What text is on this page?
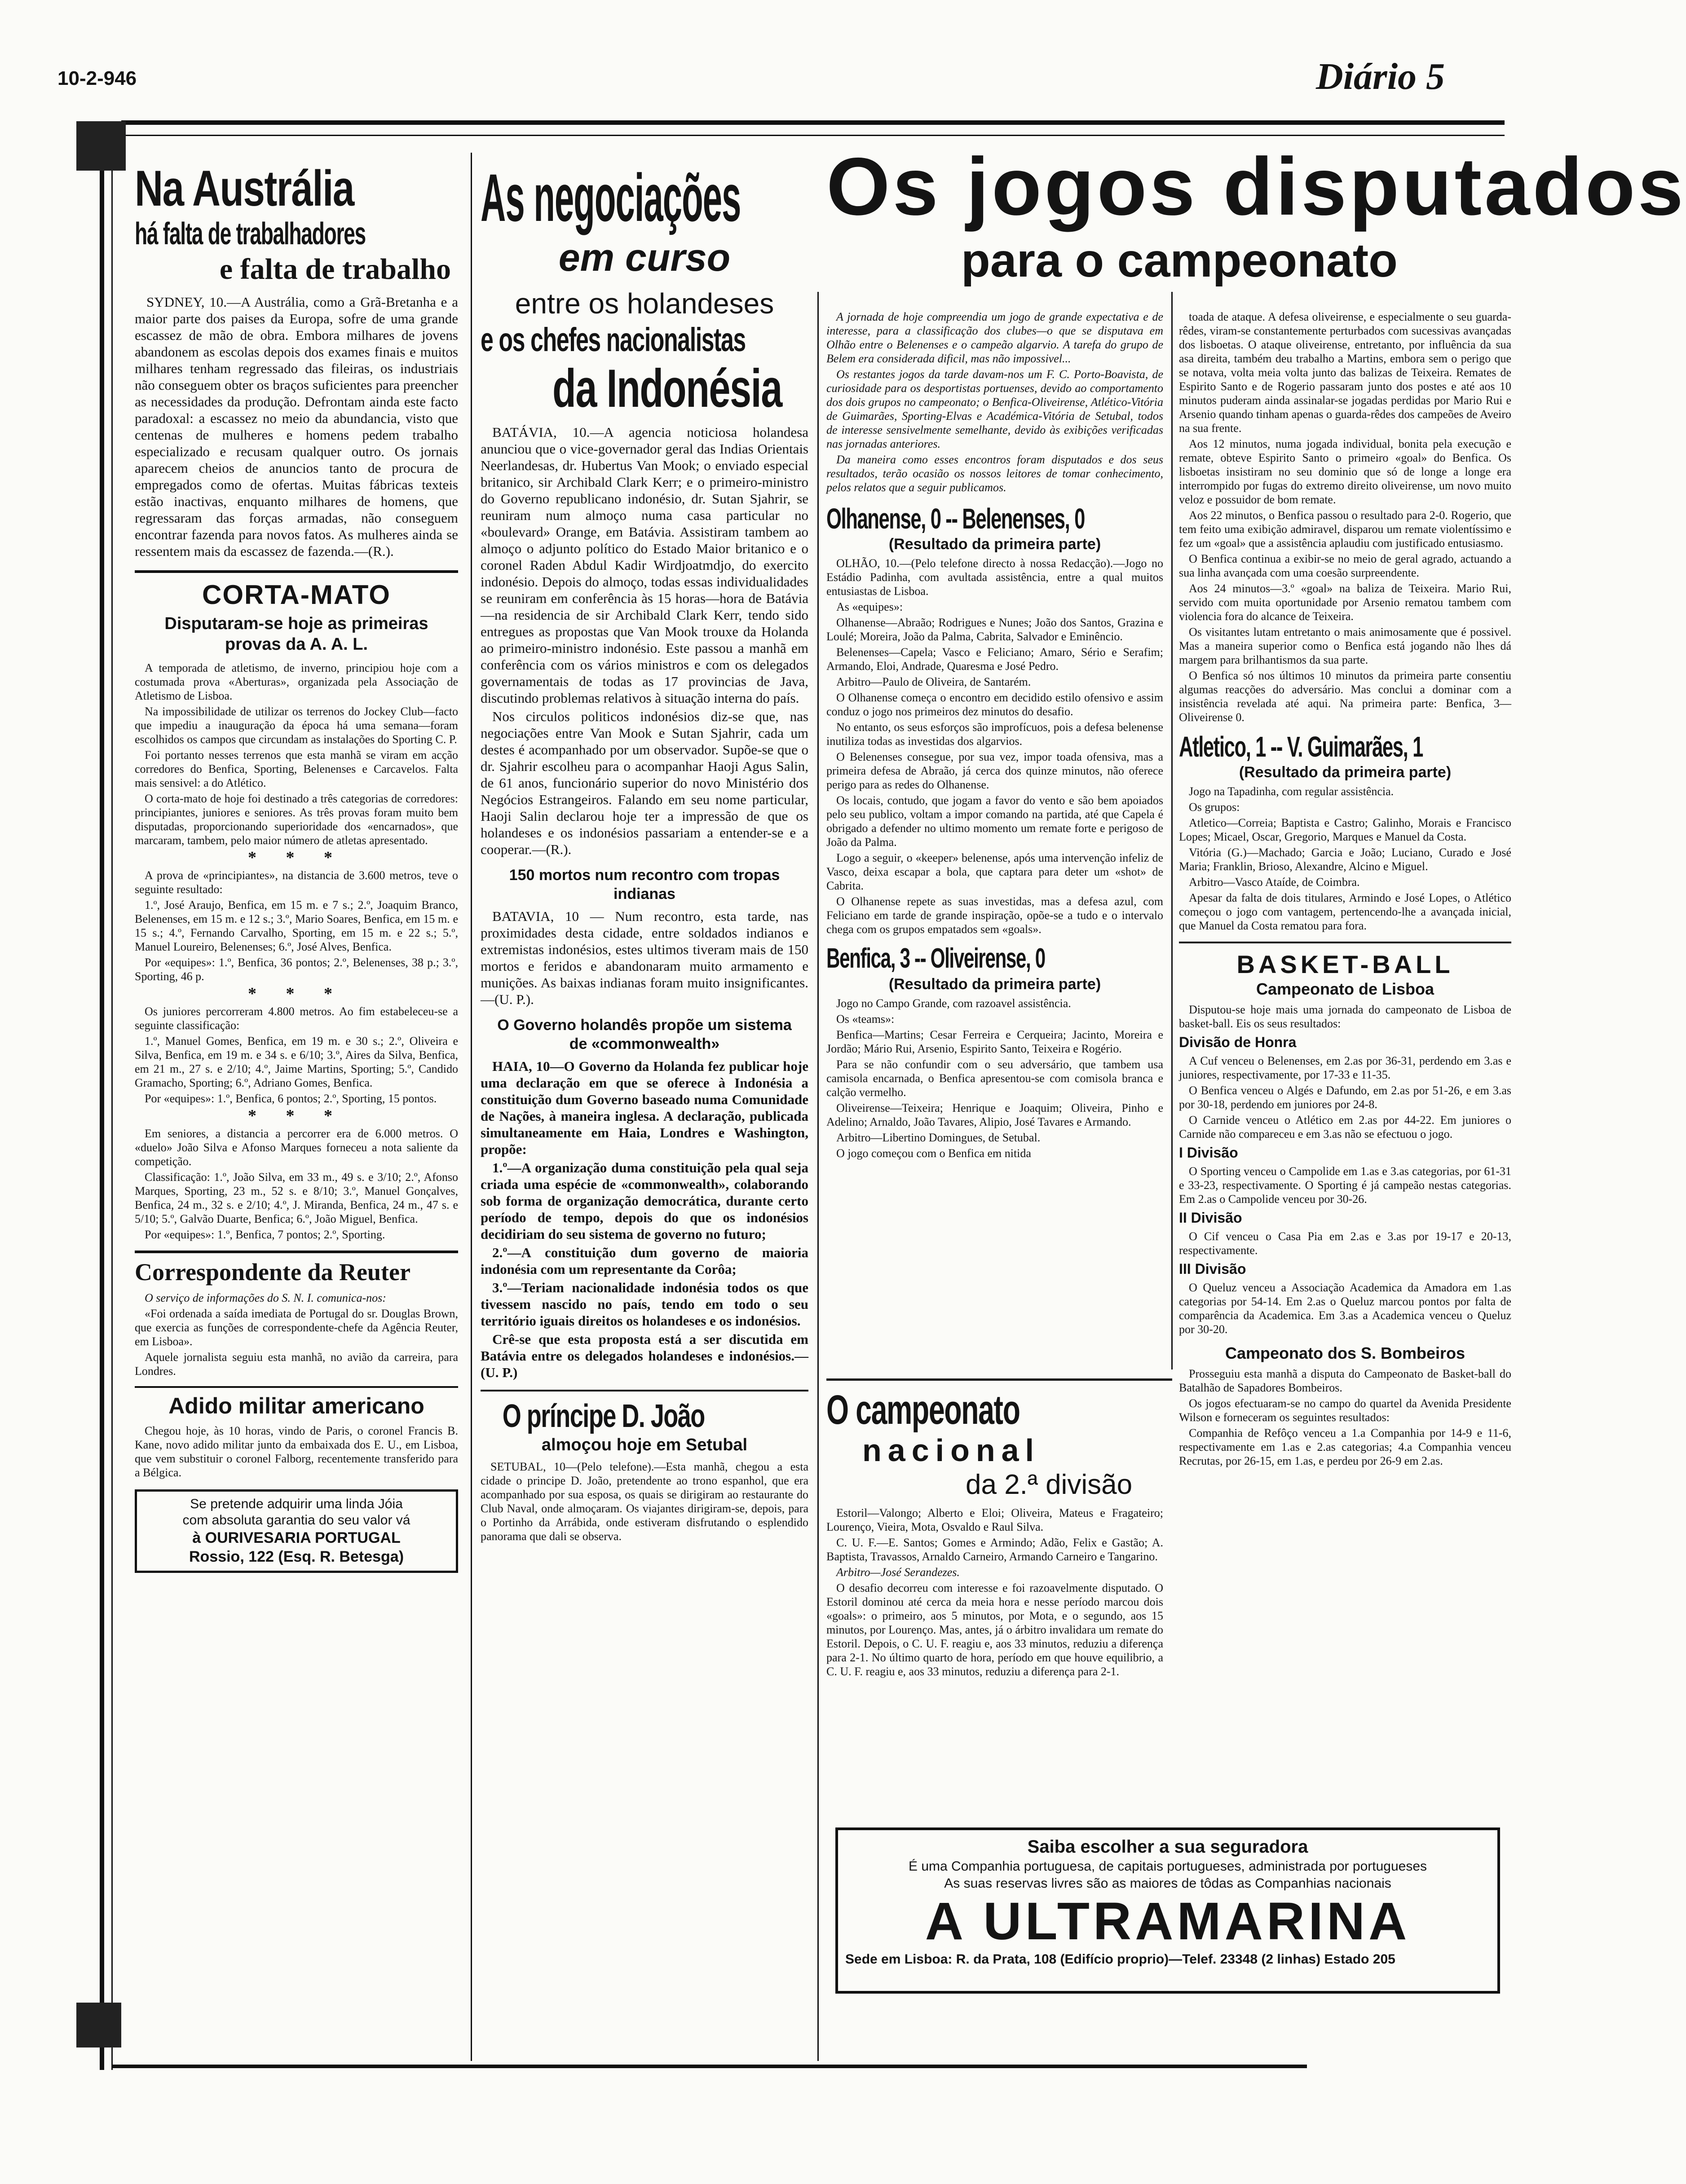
10-2-946	Diário 5
Na Austrália
há falta de trabalhadores
e falta de trabalho

SYDNEY, 10.—A Austrália, como a Grã-Bretanha e a maior parte dos paises da Europa, sofre de uma grande escassez de mão de obra. Embora milhares de jovens abandonem as escolas depois dos exames finais e muitos milhares tenham regressado das fileiras, os industriais não conseguem obter os braços suficientes para preencher as necessidades da produção. Defrontam ainda este facto paradoxal: a escassez no meio da abundancia, visto que centenas de mulheres e homens pedem trabalho especializado e recusam qualquer outro. Os jornais aparecem cheios de anuncios tanto de procura de empregados como de ofertas. Muitas fábricas texteis estão inactivas, enquanto milhares de homens, que regressaram das forças armadas, não conseguem encontrar fazenda para novos fatos. As mulheres ainda se ressentem mais da escassez de fazenda.—(R.).

CORTA-MATO
Disputaram-se hoje as primeiras provas da A. A. L.

A temporada de atletismo, de inverno, principiou hoje com a costumada prova «Aberturas», organizada pela Associação de Atletismo de Lisboa.

Na impossibilidade de utilizar os terrenos do Jockey Club—facto que impediu a inauguração da época há uma semana—foram escolhidos os campos que circundam as instalações do Sporting C. P.

Foi portanto nesses terrenos que esta manhã se viram em acção corredores do Benfica, Sporting, Belenenses e Carcavelos. Falta mais sensivel: a do Atlético.

O corta-mato de hoje foi destinado a três categorias de corredores: principiantes, juniores e seniores. As três provas foram muito bem disputadas, proporcionando superioridade dos «encarnados», que marcaram, tambem, pelo maior número de atletas apresentado.

* * *

A prova de «principiantes», na distancia de 3.600 metros, teve o seguinte resultado:

1.º, José Araujo, Benfica, em 15 m. e 7 s.; 2.º, Joaquim Branco, Belenenses, em 15 m. e 12 s.; 3.º, Mario Soares, Benfica, em 15 m. e 15 s.; 4.º, Fernando Carvalho, Sporting, em 15 m. e 22 s.; 5.º, Manuel Loureiro, Belenenses; 6.º, José Alves, Benfica.

Por «equipes»: 1.º, Benfica, 36 pontos; 2.º, Belenenses, 38 p.; 3.º, Sporting, 46 p.

* * *

Os juniores percorreram 4.800 metros. Ao fim estabeleceu-se a seguinte classificação:

1.º, Manuel Gomes, Benfica, em 19 m. e 30 s.; 2.º, Oliveira e Silva, Benfica, em 19 m. e 34 s. e 6/10; 3.º, Aires da Silva, Benfica, em 21 m., 27 s. e 2/10; 4.º, Jaime Martins, Sporting; 5.º, Candido Gramacho, Sporting; 6.º, Adriano Gomes, Benfica.

Por «equipes»: 1.º, Benfica, 6 pontos; 2.º, Sporting, 15 pontos.

* * *

Em seniores, a distancia a percorrer era de 6.000 metros. O «duelo» João Silva e Afonso Marques forneceu a nota saliente da competição.

Classificação: 1.º, João Silva, em 33 m., 49 s. e 3/10; 2.º, Afonso Marques, Sporting, 23 m., 52 s. e 8/10; 3.º, Manuel Gonçalves, Benfica, 24 m., 32 s. e 2/10; 4.º, J. Miranda, Benfica, 24 m., 47 s. e 5/10; 5.º, Galvão Duarte, Benfica; 6.º, João Miguel, Benfica.

Por «equipes»: 1.º, Benfica, 7 pontos; 2.º, Sporting.

Correspondente da Reuter

O serviço de informações do S. N. I. comunica-nos:

«Foi ordenada a saída imediata de Portugal do sr. Douglas Brown, que exercia as funções de correspondente-chefe da Agência Reuter, em Lisboa».

Aquele jornalista seguiu esta manhã, no avião da carreira, para Londres.

Adido militar americano

Chegou hoje, às 10 horas, vindo de Paris, o coronel Francis B. Kane, novo adido militar junto da embaixada dos E. U., em Lisboa, que vem substituir o coronel Falborg, recentemente transferido para a Bélgica.

Se pretende adquirir uma linda Jóia
com absoluta garantia do seu valor vá
à OURIVESARIA PORTUGAL
Rossio, 122 (Esq. R. Betesga)
As negociações
em curso
entre os holandeses
e os chefes nacionalistas
da Indonésia

BATÁVIA, 10.—A agencia noticiosa holandesa anunciou que o vice-governador geral das Indias Orientais Neerlandesas, dr. Hubertus Van Mook; o enviado especial britanico, sir Archibald Clark Kerr; e o primeiro-ministro do Governo republicano indonésio, dr. Sutan Sjahrir, se reuniram num almoço numa casa particular no «boulevard» Orange, em Batávia. Assistiram tambem ao almoço o adjunto político do Estado Maior britanico e o coronel Raden Abdul Kadir Wirdjoatmdjo, do exercito indonésio. Depois do almoço, todas essas individualidades se reuniram em conferência às 15 horas—hora de Batávia—na residencia de sir Archibald Clark Kerr, tendo sido entregues as propostas que Van Mook trouxe da Holanda ao primeiro-ministro indonésio. Este passou a manhã em conferência com os vários ministros e com os delegados governamentais de todas as 17 provincias de Java, discutindo problemas relativos à situação interna do país.

Nos circulos politicos indonésios diz-se que, nas negociações entre Van Mook e Sutan Sjahrir, cada um destes é acompanhado por um observador. Supõe-se que o dr. Sjahrir escolheu para o acompanhar Haoji Agus Salin, de 61 anos, funcionário superior do novo Ministério dos Negócios Estrangeiros. Falando em seu nome particular, Haoji Salin declarou hoje ter a impressão de que os holandeses e os indonésios passariam a entender-se e a cooperar.—(R.).

150 mortos num recontro com tropas indianas

BATAVIA, 10 — Num recontro, esta tarde, nas proximidades desta cidade, entre soldados indianos e extremistas indonésios, estes ultimos tiveram mais de 150 mortos e feridos e abandonaram muito armamento e munições. As baixas indianas foram muito insignificantes.—(U. P.).

O Governo holandês propõe um sistema de «commonwealth»

HAIA, 10—O Governo da Holanda fez publicar hoje uma declaração em que se oferece à Indonésia a constituição dum Governo baseado numa Comunidade de Nações, à maneira inglesa. A declaração, publicada simultaneamente em Haia, Londres e Washington, propõe:

1.º—A organização duma constituição pela qual seja criada uma espécie de «commonwealth», colaborando sob forma de organização democrática, durante certo período de tempo, depois do que os indonésios decidiriam do seu sistema de governo no futuro;

2.º—A constituição dum governo de maioria indonésia com um representante da Corôa;

3.º—Teriam nacionalidade indonésia todos os que tivessem nascido no país, tendo em todo o seu território iguais direitos os holandeses e os indonésios.

Crê-se que esta proposta está a ser discutida em Batávia entre os delegados holandeses e indonésios.—(U. P.)

O príncipe D. João
almoçou hoje em Setubal

SETUBAL, 10—(Pelo telefone).—Esta manhã, chegou a esta cidade o principe D. João, pretendente ao trono espanhol, que era acompanhado por sua esposa, os quais se dirigiram ao restaurante do Club Naval, onde almoçaram. Os viajantes dirigiram-se, depois, para o Portinho da Arrábida, onde estiveram disfrutando o esplendido panorama que dali se observa.

Os jogos disputados
para o campeonato

A jornada de hoje compreendia um jogo de grande expectativa e de interesse, para a classificação dos clubes—o que se disputava em Olhão entre o Belenenses e o campeão algarvio. A tarefa do grupo de Belem era considerada dificil, mas não impossivel...

Os restantes jogos da tarde davam-nos um F. C. Porto-Boavista, de curiosidade para os desportistas portuenses, devido ao comportamento dos dois grupos no campeonato; o Benfica-Oliveirense, Atlético-Vitória de Guimarães, Sporting-Elvas e Académica-Vitória de Setubal, todos de interesse sensivelmente semelhante, devido às exibições verificadas nas jornadas anteriores.

Da maneira como esses encontros foram disputados e dos seus resultados, terão ocasião os nossos leitores de tomar conhecimento, pelos relatos que a seguir publicamos.

Olhanense, 0 -- Belenenses, 0
(Resultado da primeira parte)

OLHÃO, 10.—(Pelo telefone directo à nossa Redacção).—Jogo no Estádio Padinha, com avultada assistência, entre a qual muitos entusiastas de Lisboa.

As «equipes»:

Olhanense—Abraão; Rodrigues e Nunes; João dos Santos, Grazina e Loulé; Moreira, João da Palma, Cabrita, Salvador e Eminêncio.

Belenenses—Capela; Vasco e Feliciano; Amaro, Sério e Serafim; Armando, Eloi, Andrade, Quaresma e José Pedro.

Arbitro—Paulo de Oliveira, de Santarém.

O Olhanense começa o encontro em decidido estilo ofensivo e assim conduz o jogo nos primeiros dez minutos do desafio.

No entanto, os seus esforços são improfícuos, pois a defesa belenense inutiliza todas as investidas dos algarvios.

O Belenenses consegue, por sua vez, impor toada ofensiva, mas a primeira defesa de Abraão, já cerca dos quinze minutos, não oferece perigo para as redes do Olhanense.

Os locais, contudo, que jogam a favor do vento e são bem apoiados pelo seu publico, voltam a impor comando na partida, até que Capela é obrigado a defender no ultimo momento um remate forte e perigoso de João da Palma.

Logo a seguir, o «keeper» belenense, após uma intervenção infeliz de Vasco, deixa escapar a bola, que captara para deter um «shot» de Cabrita.

O Olhanense repete as suas investidas, mas a defesa azul, com Feliciano em tarde de grande inspiração, opõe-se a tudo e o intervalo chega com os grupos empatados sem «goals».

Benfica, 3 -- Oliveirense, 0
(Resultado da primeira parte)

Jogo no Campo Grande, com razoavel assistência.

Os «teams»:

Benfica—Martins; Cesar Ferreira e Cerqueira; Jacinto, Moreira e Jordão; Mário Rui, Arsenio, Espirito Santo, Teixeira e Rogério.

Para se não confundir com o seu adversário, que tambem usa camisola encarnada, o Benfica apresentou-se com comisola branca e calção vermelho.

Oliveirense—Teixeira; Henrique e Joaquim; Oliveira, Pinho e Adelino; Arnaldo, João Tavares, Alipio, José Tavares e Armando.

Arbitro—Libertino Domingues, de Setubal.

O jogo começou com o Benfica em nitida

toada de ataque. A defesa oliveirense, e especialmente o seu guarda-rêdes, viram-se constantemente perturbados com sucessivas avançadas dos lisboetas. O ataque oliveirense, entretanto, por influência da sua asa direita, também deu trabalho a Martins, embora sem o perigo que se notava, volta meia volta junto das balizas de Teixeira. Remates de Espirito Santo e de Rogerio passaram junto dos postes e até aos 10 minutos puderam ainda assinalar-se jogadas perdidas por Mario Rui e Arsenio quando tinham apenas o guarda-rêdes dos campeões de Aveiro na sua frente.

Aos 12 minutos, numa jogada individual, bonita pela execução e remate, obteve Espirito Santo o primeiro «goal» do Benfica. Os lisboetas insistiram no seu dominio que só de longe a longe era interrompido por fugas do extremo direito oliveirense, um novo muito veloz e possuidor de bom remate.

Aos 22 minutos, o Benfica passou o resultado para 2-0. Rogerio, que tem feito uma exibição admiravel, disparou um remate violentíssimo e fez um «goal» que a assistência aplaudiu com justificado entusiasmo.

O Benfica continua a exibir-se no meio de geral agrado, actuando a sua linha avançada com uma coesão surpreendente.

Aos 24 minutos—3.º «goal» na baliza de Teixeira. Mario Rui, servido com muita oportunidade por Arsenio rematou tambem com violencia fora do alcance de Teixeira.

Os visitantes lutam entretanto o mais animosamente que é possivel. Mas a maneira superior como o Benfica está jogando não lhes dá margem para brilhantismos da sua parte.

O Benfica só nos últimos 10 minutos da primeira parte consentiu algumas reacções do adversário. Mas conclui a dominar com a insistência revelada até aqui. Na primeira parte: Benfica, 3—Oliveirense 0.

Atletico, 1 -- V. Guimarães, 1
(Resultado da primeira parte)

Jogo na Tapadinha, com regular assistência.

Os grupos:

Atletico—Correia; Baptista e Castro; Galinho, Morais e Francisco Lopes; Micael, Oscar, Gregorio, Marques e Manuel da Costa.

Vitória (G.)—Machado; Garcia e João; Luciano, Curado e José Maria; Franklin, Brioso, Alexandre, Alcino e Miguel.

Arbitro—Vasco Ataíde, de Coimbra.

Apesar da falta de dois titulares, Armindo e José Lopes, o Atlético começou o jogo com vantagem, pertencendo-lhe a avançada inicial, que Manuel da Costa rematou para fora.

BASKET-BALL
Campeonato de Lisboa

Disputou-se hoje mais uma jornada do campeonato de Lisboa de basket-ball. Eis os seus resultados:

Divisão de Honra

A Cuf venceu o Belenenses, em 2.as por 36-31, perdendo em 3.as e juniores, respectivamente, por 17-33 e 11-35.

O Benfica venceu o Algés e Dafundo, em 2.as por 51-26, e em 3.as por 30-18, perdendo em juniores por 24-8.

O Carnide venceu o Atlético em 2.as por 44-22. Em juniores o Carnide não compareceu e em 3.as não se efectuou o jogo.

I Divisão

O Sporting venceu o Campolide em 1.as e 3.as categorias, por 61-31 e 33-23, respectivamente. O Sporting é já campeão nestas categorias. Em 2.as o Campolide venceu por 30-26.

II Divisão

O Cif venceu o Casa Pia em 2.as e 3.as por 19-17 e 20-13, respectivamente.

III Divisão

O Queluz venceu a Associação Academica da Amadora em 1.as categorias por 54-14. Em 2.as o Queluz marcou pontos por falta de comparência da Academica. Em 3.as a Academica venceu o Queluz por 30-20.

Campeonato dos S. Bombeiros

Prosseguiu esta manhã a disputa do Campeonato de Basket-ball do Batalhão de Sapadores Bombeiros.

Os jogos efectuaram-se no campo do quartel da Avenida Presidente Wilson e forneceram os seguintes resultados:

Companhia de Refôço venceu a 1.a Companhia por 14-9 e 11-6, respectivamente em 1.as e 2.as categorias; 4.a Companhia venceu Recrutas, por 26-15, em 1.as, e perdeu por 26-9 em 2.as.

O campeonato
nacional
da 2.ª divisão

Estoril—Valongo; Alberto e Eloi; Oliveira, Mateus e Fragateiro; Lourenço, Vieira, Mota, Osvaldo e Raul Silva.

C. U. F.—E. Santos; Gomes e Armindo; Adão, Felix e Gastão; A. Baptista, Travassos, Arnaldo Carneiro, Armando Carneiro e Tangarino.

Arbitro—José Serandezes.

O desafio decorreu com interesse e foi razoavelmente disputado. O Estoril dominou até cerca da meia hora e nesse período marcou dois «goals»: o primeiro, aos 5 minutos, por Mota, e o segundo, aos 15 minutos, por Lourenço. Mas, antes, já o árbitro invalidara um remate do Estoril. Depois, o C. U. F. reagiu e, aos 33 minutos, reduziu a diferença para 2-1. No último quarto de hora, período em que houve equilibrio, a C. U. F. reagiu e, aos 33 minutos, reduziu a diferença para 2-1.

Saiba escolher a sua seguradora
É uma Companhia portuguesa, de capitais portugueses, administrada por portugueses
As suas reservas livres são as maiores de tôdas as Companhias nacionais
A ULTRAMARINA
Sede em Lisboa: R. da Prata, 108 (Edifício proprio)—Telef. 23348 (2 linhas) Estado 205
